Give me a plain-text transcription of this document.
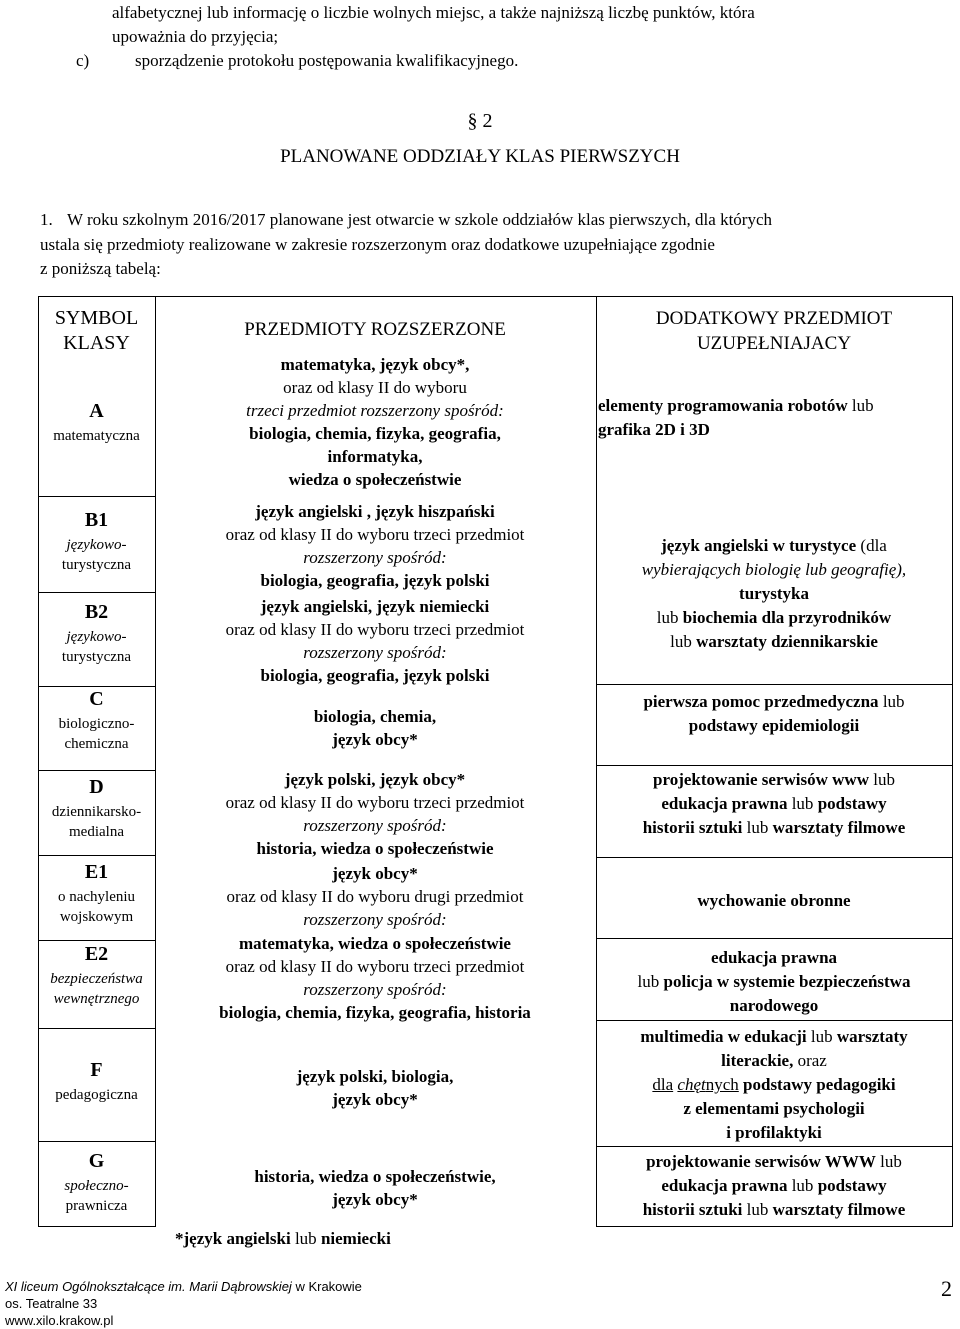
alfabetycznej lub informację o liczbie wolnych miejsc, a także najniższą liczbę punktów, która
upoważnia do przyjęcia;
c)	sporządzenie protokołu postępowania kwalifikacyjnego.
§ 2
PLANOWANE ODDZIAŁY KLAS PIERWSZYCH
1. W roku szkolnym 2016/2017 planowane jest otwarcie w szkole oddziałów klas pierwszych, dla których
ustala się przedmioty realizowane w zakresie rozszerzonym oraz dodatkowe uzupełniające zgodnie
z poniższą tabelą:
SYMBOL
KLASY
PRZEDMIOTY ROZSZERZONE
DODATKOWY PRZEDMIOT
UZUPEŁNIAJACY
A
matematyczna
B1
językowo-
turystyczna
B2
językowo-
turystyczna
C
biologiczno-
chemiczna
D
dziennikarsko-
medialna
E1
o nachyleniu
wojskowym
E2
bezpieczeństwa
wewnętrznego
F
pedagogiczna
G
społeczno-
prawnicza
matematyka, język obcy*,
oraz od klasy II do wyboru
trzeci przedmiot rozszerzony spośród:
biologia, chemia, fizyka, geografia,
informatyka,
wiedza o społeczeństwie
język angielski , język hiszpański
oraz od klasy II do wyboru trzeci przedmiot
rozszerzony spośród:
biologia, geografia, język polski
język angielski, język niemiecki
oraz od klasy II do wyboru trzeci przedmiot
rozszerzony spośród:
biologia, geografia, język polski
biologia, chemia,
język obcy*
język polski, język obcy*
oraz od klasy II do wyboru trzeci przedmiot
rozszerzony spośród:
historia, wiedza o społeczeństwie
język obcy*
oraz od klasy II do wyboru drugi przedmiot
rozszerzony spośród:
matematyka, wiedza o społeczeństwie
oraz od klasy II do wyboru trzeci przedmiot
rozszerzony spośród:
biologia, chemia, fizyka, geografia, historia
język polski, biologia,
język obcy*
historia, wiedza o społeczeństwie,
język obcy*
*język angielski lub niemiecki
elementy programowania robotów lub
grafika 2D i 3D
język angielski w turystyce (dla
wybierających biologię lub geografię),
turystyka
lub biochemia dla przyrodników
lub warsztaty dziennikarskie
pierwsza pomoc przedmedyczna lub
podstawy epidemiologii
projektowanie serwisów www lub
edukacja prawna lub podstawy
historii sztuki lub warsztaty filmowe
wychowanie obronne
edukacja prawna
lub policja w systemie bezpieczeństwa
narodowego
multimedia w edukacji lub warsztaty
literackie, oraz
dla chętnych podstawy pedagogiki
z elementami psychologii
i profilaktyki
projektowanie serwisów WWW lub
edukacja prawna lub podstawy
historii sztuki lub warsztaty filmowe
XI liceum Ogólnokształcące im. Marii Dąbrowskiej w Krakowie
os. Teatralne 33
www.xilo.krakow.pl
2
